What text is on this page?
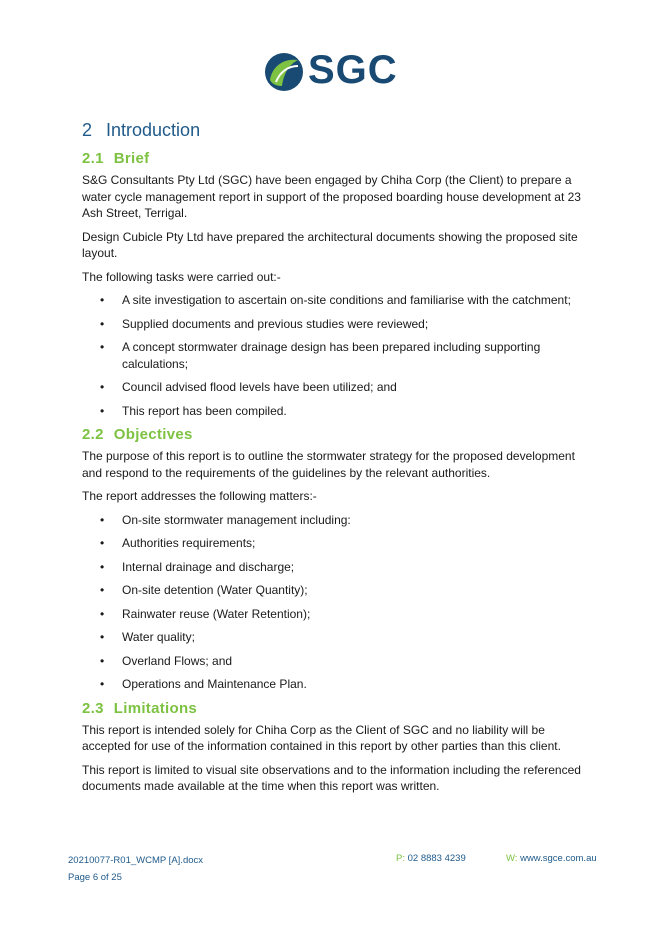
SGC
2 Introduction
2.1 Brief

S&G Consultants Pty Ltd (SGC) have been engaged by Chiha Corp (the Client) to prepare a water cycle management report in support of the proposed boarding house development at 23 Ash Street, Terrigal.

Design Cubicle Pty Ltd have prepared the architectural documents showing the proposed site layout.

The following tasks were carried out:-

• A site investigation to ascertain on-site conditions and familiarise with the catchment;
• Supplied documents and previous studies were reviewed;
• A concept stormwater drainage design has been prepared including supporting calculations;
• Council advised flood levels have been utilized; and
• This report has been compiled.
2.2 Objectives

The purpose of this report is to outline the stormwater strategy for the proposed development and respond to the requirements of the guidelines by the relevant authorities.

The report addresses the following matters:-

• On-site stormwater management including:
• Authorities requirements;
• Internal drainage and discharge;
• On-site detention (Water Quantity);
• Rainwater reuse (Water Retention);
• Water quality;
• Overland Flows; and
• Operations and Maintenance Plan.
2.3 Limitations

This report is intended solely for Chiha Corp as the Client of SGC and no liability will be accepted for use of the information contained in this report by other parties than this client.

This report is limited to visual site observations and to the information including the referenced documents made available at the time when this report was written.

20210077-R01_WCMP [A].docx
Page 6 of 25
P: 02 8883 4239	W: www.sgce.com.au
